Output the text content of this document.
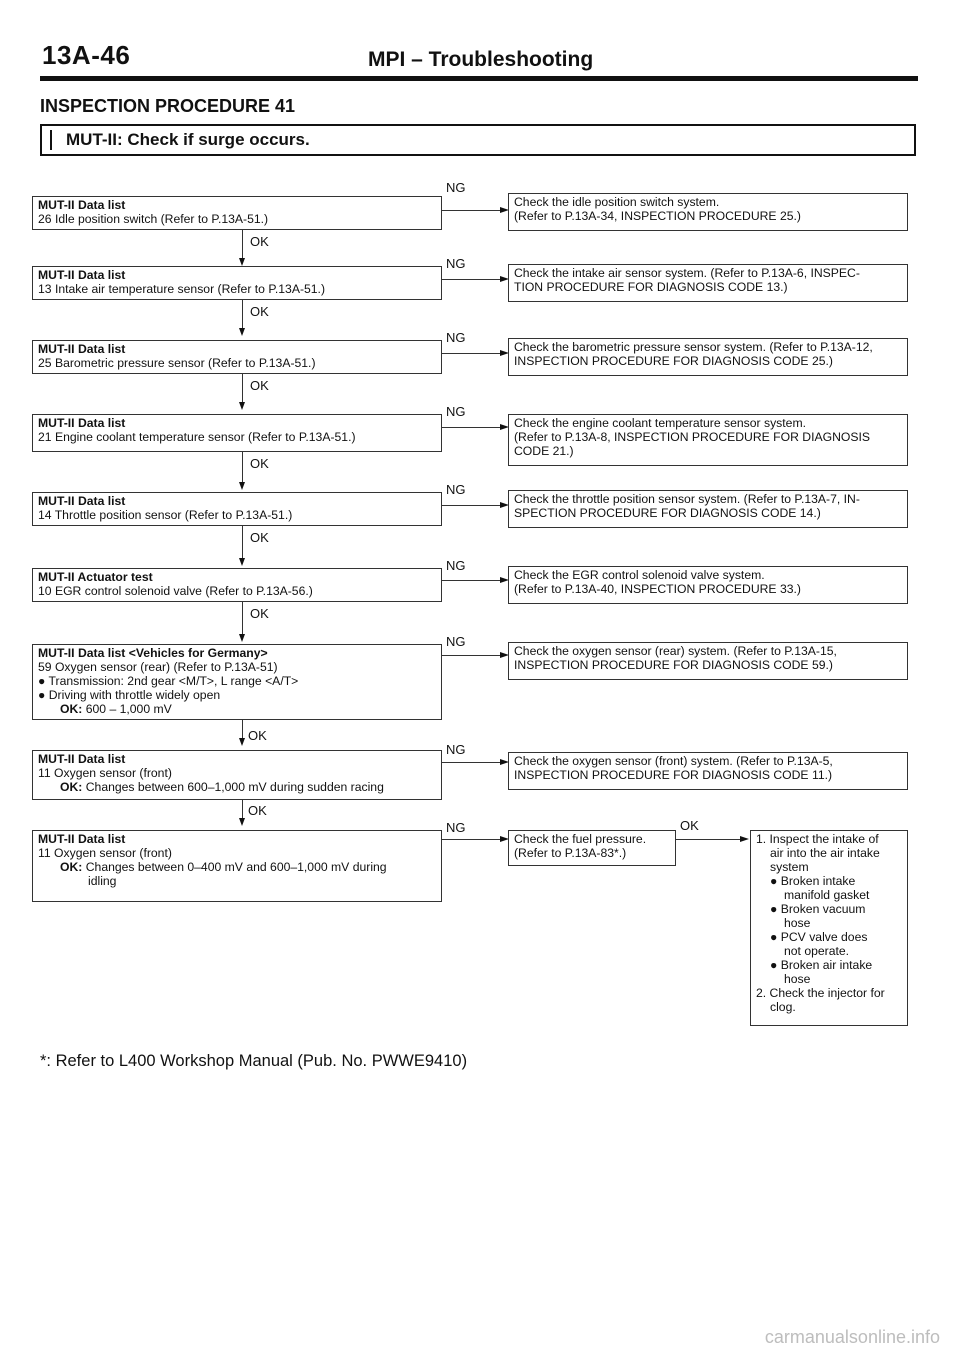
13A-46	MPI – Troubleshooting
INSPECTION PROCEDURE 41
MUT-II: Check if surge occurs.
MUT-II Data list
26 Idle position switch (Refer to P.13A-51.)
NG
Check the idle position switch system.
(Refer to P.13A-34, INSPECTION PROCEDURE 25.)
OK
MUT-II Data list
13 Intake air temperature sensor (Refer to P.13A-51.)
NG
Check the intake air sensor system. (Refer to P.13A-6, INSPEC-
TION PROCEDURE FOR DIAGNOSIS CODE 13.)
OK
MUT-II Data list
25 Barometric pressure sensor (Refer to P.13A-51.)
NG
Check the barometric pressure sensor system. (Refer to P.13A-12,
INSPECTION PROCEDURE FOR DIAGNOSIS CODE 25.)
OK
MUT-II Data list
21 Engine coolant temperature sensor (Refer to P.13A-51.)
NG
Check the engine coolant temperature sensor system.
(Refer to P.13A-8, INSPECTION PROCEDURE FOR DIAGNOSIS
CODE 21.)
OK
MUT-II Data list
14 Throttle position sensor (Refer to P.13A-51.)
NG
Check the throttle position sensor system. (Refer to P.13A-7, IN-
SPECTION PROCEDURE FOR DIAGNOSIS CODE 14.)
OK
MUT-II Actuator test
10 EGR control solenoid valve (Refer to P.13A-56.)
NG
Check the EGR control solenoid valve system.
(Refer to P.13A-40, INSPECTION PROCEDURE 33.)
OK
MUT-II Data list <Vehicles for Germany>
59 Oxygen sensor (rear) (Refer to P.13A-51)
● Transmission: 2nd gear <M/T>, L range <A/T>
● Driving with throttle widely open
OK: 600 – 1,000 mV
NG
Check the oxygen sensor (rear) system. (Refer to P.13A-15,
INSPECTION PROCEDURE FOR DIAGNOSIS CODE 59.)
OK
MUT-II Data list
11 Oxygen sensor (front)
OK: Changes between 600–1,000 mV during sudden racing
NG
Check the oxygen sensor (front) system. (Refer to P.13A-5,
INSPECTION PROCEDURE FOR DIAGNOSIS CODE 11.)
OK
MUT-II Data list
11 Oxygen sensor (front)
OK: Changes between 0–400 mV and 600–1,000 mV during
idling
NG
Check the fuel pressure.
(Refer to P.13A-83*.)
OK
1. Inspect the intake of
air into the air intake
system
● Broken intake
manifold gasket
● Broken vacuum
hose
● PCV valve does
not operate.
● Broken air intake
hose
2. Check the injector for
clog.
*: Refer to L400 Workshop Manual (Pub. No. PWWE9410)
carmanualsonline.info
